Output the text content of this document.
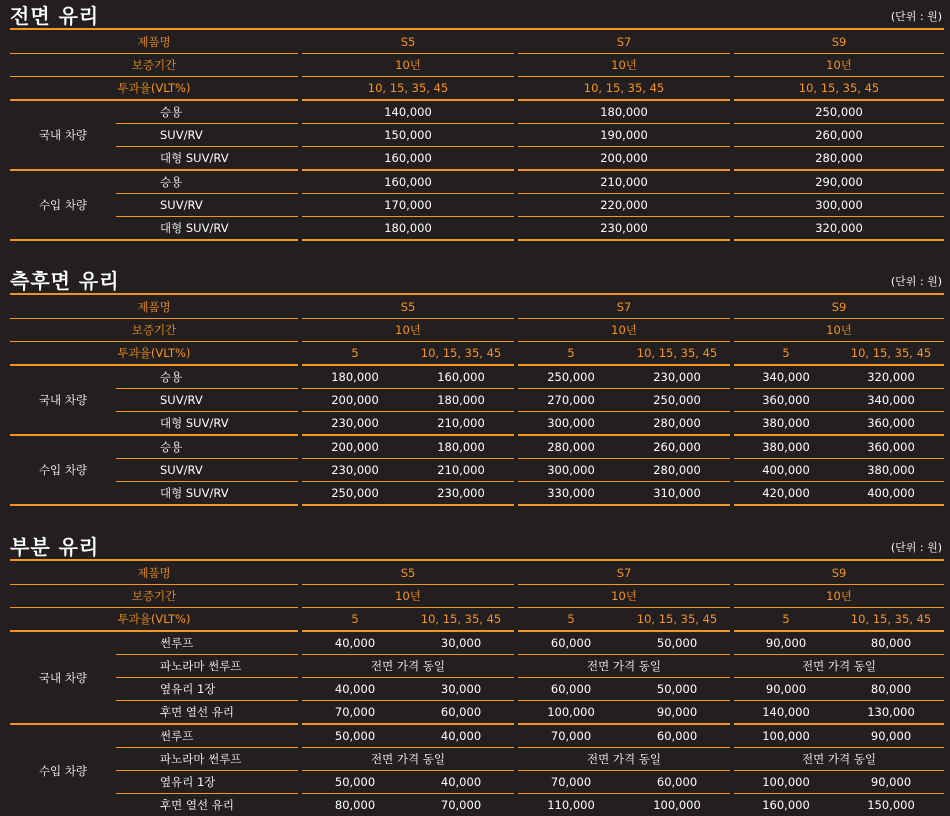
전면 유리	(단위 : 원)
제품명		S5	S7	S9
보증기간		10년	10년	10년
투과율(VLT%)		10, 15, 35, 45	10, 15, 35, 45	10, 15, 35, 45
국내 차량	승용	140,000	180,000	250,000
	SUV/RV	150,000	190,000	260,000
	대형 SUV/RV	160,000	200,000	280,000
수입 차량	승용	160,000	210,000	290,000
	SUV/RV	170,000	220,000	300,000
	대형 SUV/RV	180,000	230,000	320,000
측후면 유리	(단위 : 원)
제품명		S5		S7		S9	
보증기간		10년		10년		10년	
투과율(VLT%)		5	10, 15, 35, 45	5	10, 15, 35, 45	5	10, 15, 35, 45
국내 차량	승용	180,000	160,000	250,000	230,000	340,000	320,000
	SUV/RV	200,000	180,000	270,000	250,000	360,000	340,000
	대형 SUV/RV	230,000	210,000	300,000	280,000	380,000	360,000
수입 차량	승용	200,000	180,000	280,000	260,000	380,000	360,000
	SUV/RV	230,000	210,000	300,000	280,000	400,000	380,000
	대형 SUV/RV	250,000	230,000	330,000	310,000	420,000	400,000
부분 유리	(단위 : 원)
제품명		S5		S7		S9	
보증기간		10년		10년		10년	
투과율(VLT%)		5	10, 15, 35, 45	5	10, 15, 35, 45	5	10, 15, 35, 45
국내 차량	썬루프	40,000	30,000	60,000	50,000	90,000	80,000
	파노라마 썬루프	전면 가격 동일		전면 가격 동일		전면 가격 동일	
	옆유리 1장	40,000	30,000	60,000	50,000	90,000	80,000
	후면 열선 유리	70,000	60,000	100,000	90,000	140,000	130,000
수입 차량	썬루프	50,000	40,000	70,000	60,000	100,000	90,000
	파노라마 썬루프	전면 가격 동일		전면 가격 동일		전면 가격 동일	
	옆유리 1장	50,000	40,000	70,000	60,000	100,000	90,000
	후면 열선 유리	80,000	70,000	110,000	100,000	160,000	150,000
